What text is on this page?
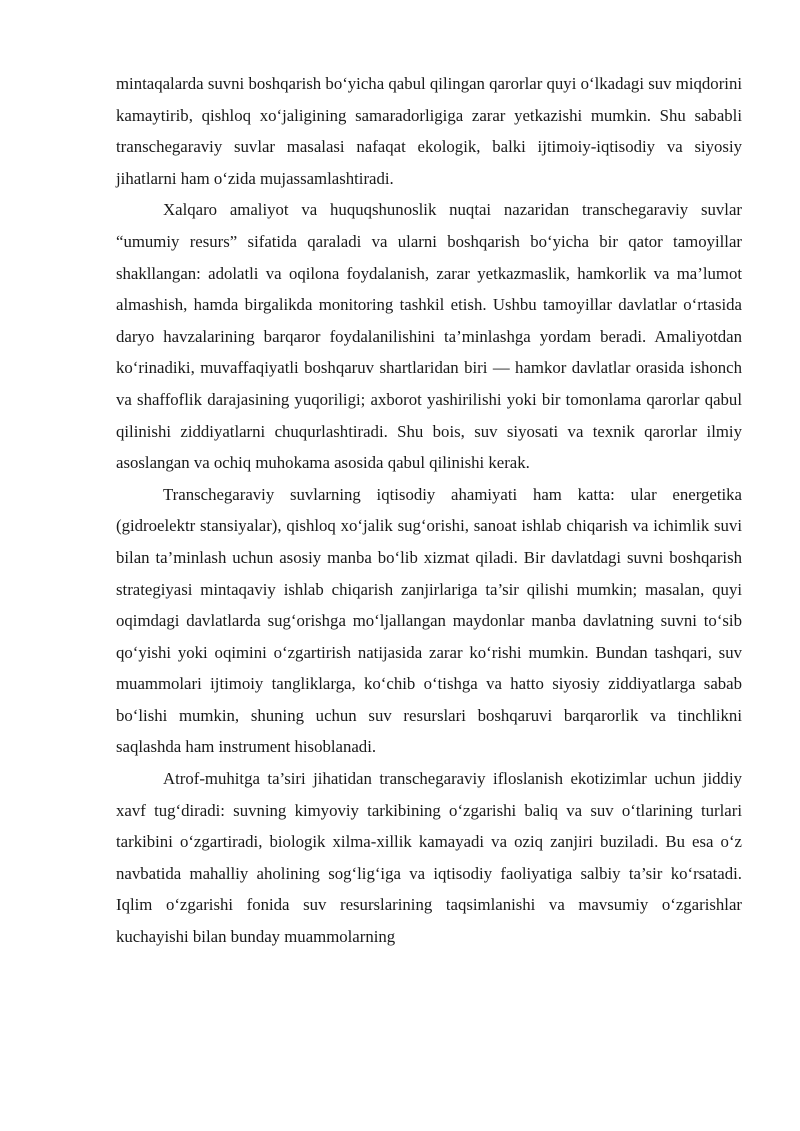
mintaqalarda suvni boshqarish bo‘yicha qabul qilingan qarorlar quyi o‘lkadagi suv miqdorini kamaytirib, qishloq xo‘jaligining samaradorligiga zarar yetkazishi mumkin. Shu sababli transchegaraviy suvlar masalasi nafaqat ekologik, balki ijtimoiy-iqtisodiy va siyosiy jihatlarni ham o‘zida mujassamlashtiradi.

Xalqaro amaliyot va huquqshunoslik nuqtai nazaridan transchegaraviy suvlar “umumiy resurs” sifatida qaraladi va ularni boshqarish bo‘yicha bir qator tamoyillar shakllangan: adolatli va oqilona foydalanish, zarar yetkazmaslik, hamkorlik va ma’lumot almashish, hamda birgalikda monitoring tashkil etish. Ushbu tamoyillar davlatlar o‘rtasida daryo havzalarining barqaror foydalanilishini ta’minlashga yordam beradi. Amaliyotdan ko‘rinadiki, muvaffaqiyatli boshqaruv shartlaridan biri — hamkor davlatlar orasida ishonch va shaffoflik darajasining yuqoriligi; axborot yashirilishi yoki bir tomonlama qarorlar qabul qilinishi ziddiyatlarni chuqurlashtiradi. Shu bois, suv siyosati va texnik qarorlar ilmiy asoslangan va ochiq muhokama asosida qabul qilinishi kerak.

Transchegaraviy suvlarning iqtisodiy ahamiyati ham katta: ular energetika (gidroelektr stansiyalar), qishloq xo‘jalik sug‘orishi, sanoat ishlab chiqarish va ichimlik suvi bilan ta’minlash uchun asosiy manba bo‘lib xizmat qiladi. Bir davlatdagi suvni boshqarish strategiyasi mintaqaviy ishlab chiqarish zanjirlariga ta’sir qilishi mumkin; masalan, quyi oqimdagi davlatlarda sug‘orishga mo‘ljallangan maydonlar manba davlatning suvni to‘sib qo‘yishi yoki oqimini o‘zgartirish natijasida zarar ko‘rishi mumkin. Bundan tashqari, suv muammolari ijtimoiy tangliklarga, ko‘chib o‘tishga va hatto siyosiy ziddiyatlarga sabab bo‘lishi mumkin, shuning uchun suv resurslari boshqaruvi barqarorlik va tinchlikni saqlashda ham instrument hisoblanadi.

Atrof-muhitga ta’siri jihatidan transchegaraviy ifloslanish ekotizimlar uchun jiddiy xavf tug‘diradi: suvning kimyoviy tarkibining o‘zgarishi baliq va suv o‘tlarining turlari tarkibini o‘zgartiradi, biologik xilma-xillik kamayadi va oziq zanjiri buziladi. Bu esa o‘z navbatida mahalliy aholining sog‘lig‘iga va iqtisodiy faoliyatiga salbiy ta’sir ko‘rsatadi. Iqlim o‘zgarishi fonida suv resurslarining taqsimlanishi va mavsumiy o‘zgarishlar kuchayishi bilan bunday muammolarning
